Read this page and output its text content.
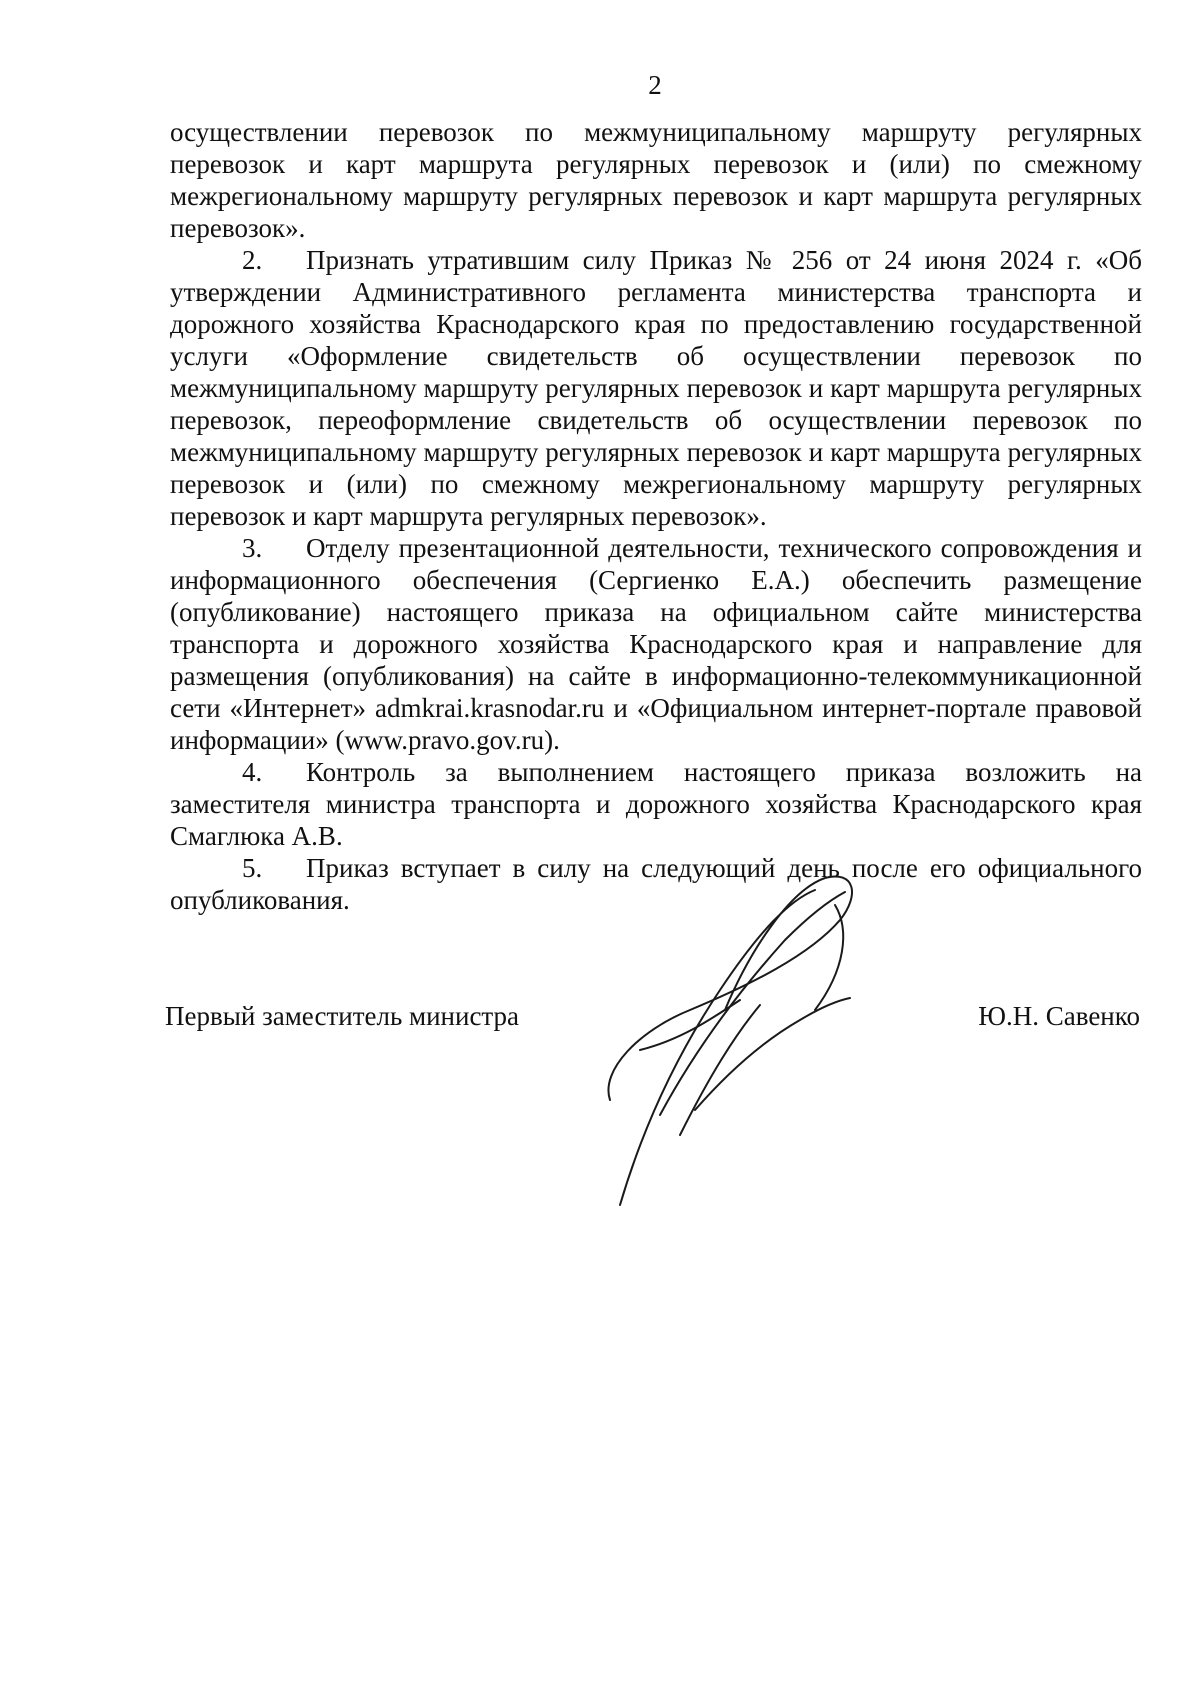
2

осуществлении перевозок по межмуниципальному маршруту регулярных перевозок и карт маршрута регулярных перевозок и (или) по смежному межрегиональному маршруту регулярных перевозок и карт маршрута регулярных перевозок».

2. Признать утратившим силу Приказ № 256 от 24 июня 2024 г. «Об утверждении Административного регламента министерства транспорта и дорожного хозяйства Краснодарского края по предоставлению государственной услуги «Оформление свидетельств об осуществлении перевозок по межмуниципальному маршруту регулярных перевозок и карт маршрута регулярных перевозок, переоформление свидетельств об осуществлении перевозок по межмуниципальному маршруту регулярных перевозок и карт маршрута регулярных перевозок и (или) по смежному межрегиональному маршруту регулярных перевозок и карт маршрута регулярных перевозок».

3. Отделу презентационной деятельности, технического сопровождения и информационного обеспечения (Сергиенко Е.А.) обеспечить размещение (опубликование) настоящего приказа на официальном сайте министерства транспорта и дорожного хозяйства Краснодарского края и направление для размещения (опубликования) на сайте в информационно-телекоммуникационной сети «Интернет» admkrai.krasnodar.ru и «Официальном интернет-портале правовой информации» (www.pravo.gov.ru).

4. Контроль за выполнением настоящего приказа возложить на заместителя министра транспорта и дорожного хозяйства Краснодарского края Смаглюка А.В.

5. Приказ вступает в силу на следующий день после его официального опубликования.

Первый заместитель министра	Ю.Н. Савенко
